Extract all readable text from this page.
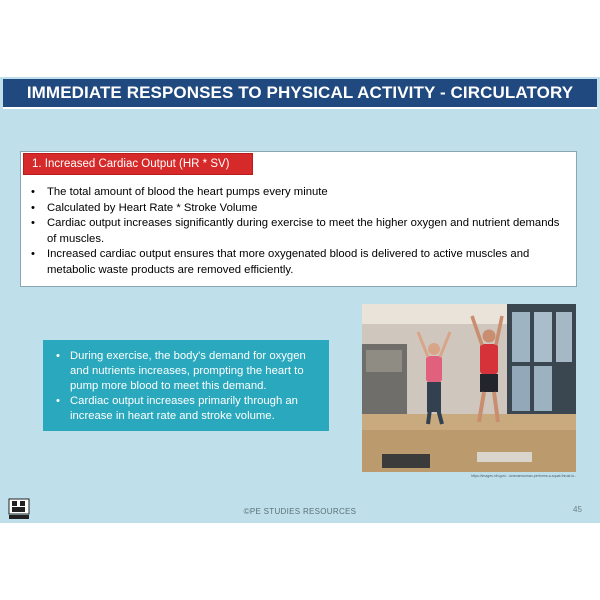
IMMEDIATE RESPONSES TO PHYSICAL ACTIVITY - CIRCULATORY
1. Increased Cardiac Output (HR * SV)
• The total amount of blood the heart pumps every minute
• Calculated by Heart Rate * Stroke Volume
• Cardiac output increases significantly during exercise to meet the higher oxygen and nutrient demands of muscles.
• Increased cardiac output ensures that more oxygenated blood is delivered to active muscles and metabolic waste products are removed efficiently.
• During exercise, the body's demand for oxygen and nutrients increases, prompting the heart to pump more blood to meet this demand.
• Cardiac output increases primarily through an increase in heart rate and stroke volume.
https://images.nih.gov/.../womanwoman-performs-a-squat-thrust-ls..
©PE STUDIES RESOURCES	45
